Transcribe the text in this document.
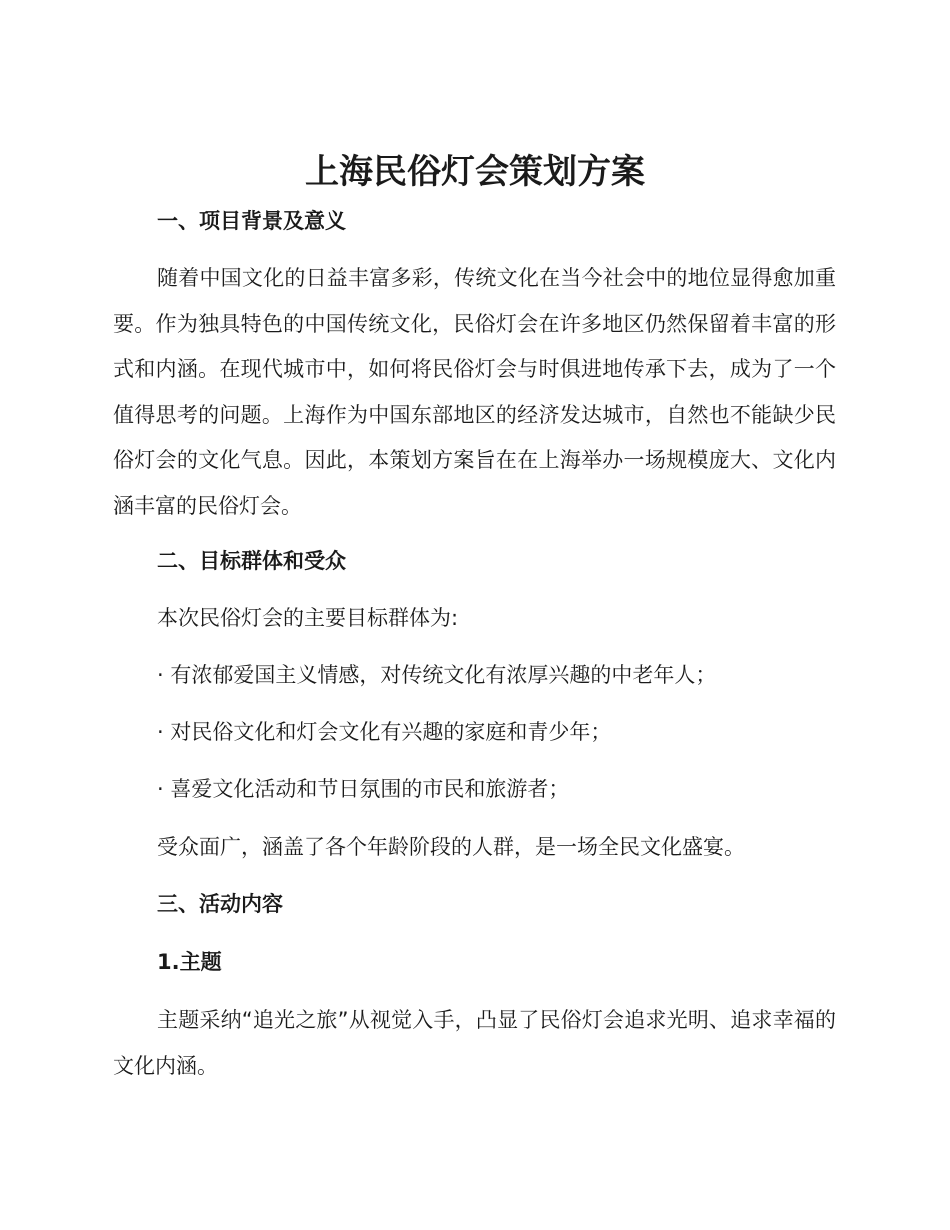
上海民俗灯会策划方案
一、项目背景及意义
随着中国文化的日益丰富多彩，传统文化在当今社会中的地位显得愈加重要。作为独具特色的中国传统文化，民俗灯会在许多地区仍然保留着丰富的形式和内涵。在现代城市中，如何将民俗灯会与时俱进地传承下去，成为了一个值得思考的问题。上海作为中国东部地区的经济发达城市，自然也不能缺少民俗灯会的文化气息。因此，本策划方案旨在在上海举办一场规模庞大、文化内涵丰富的民俗灯会。
二、目标群体和受众
本次民俗灯会的主要目标群体为:
· 有浓郁爱国主义情感，对传统文化有浓厚兴趣的中老年人；
· 对民俗文化和灯会文化有兴趣的家庭和青少年；
· 喜爱文化活动和节日氛围的市民和旅游者；
受众面广，涵盖了各个年龄阶段的人群，是一场全民文化盛宴。
三、活动内容
1.主题
主题采纳“追光之旅”从视觉入手，凸显了民俗灯会追求光明、追求幸福的文化内涵。
